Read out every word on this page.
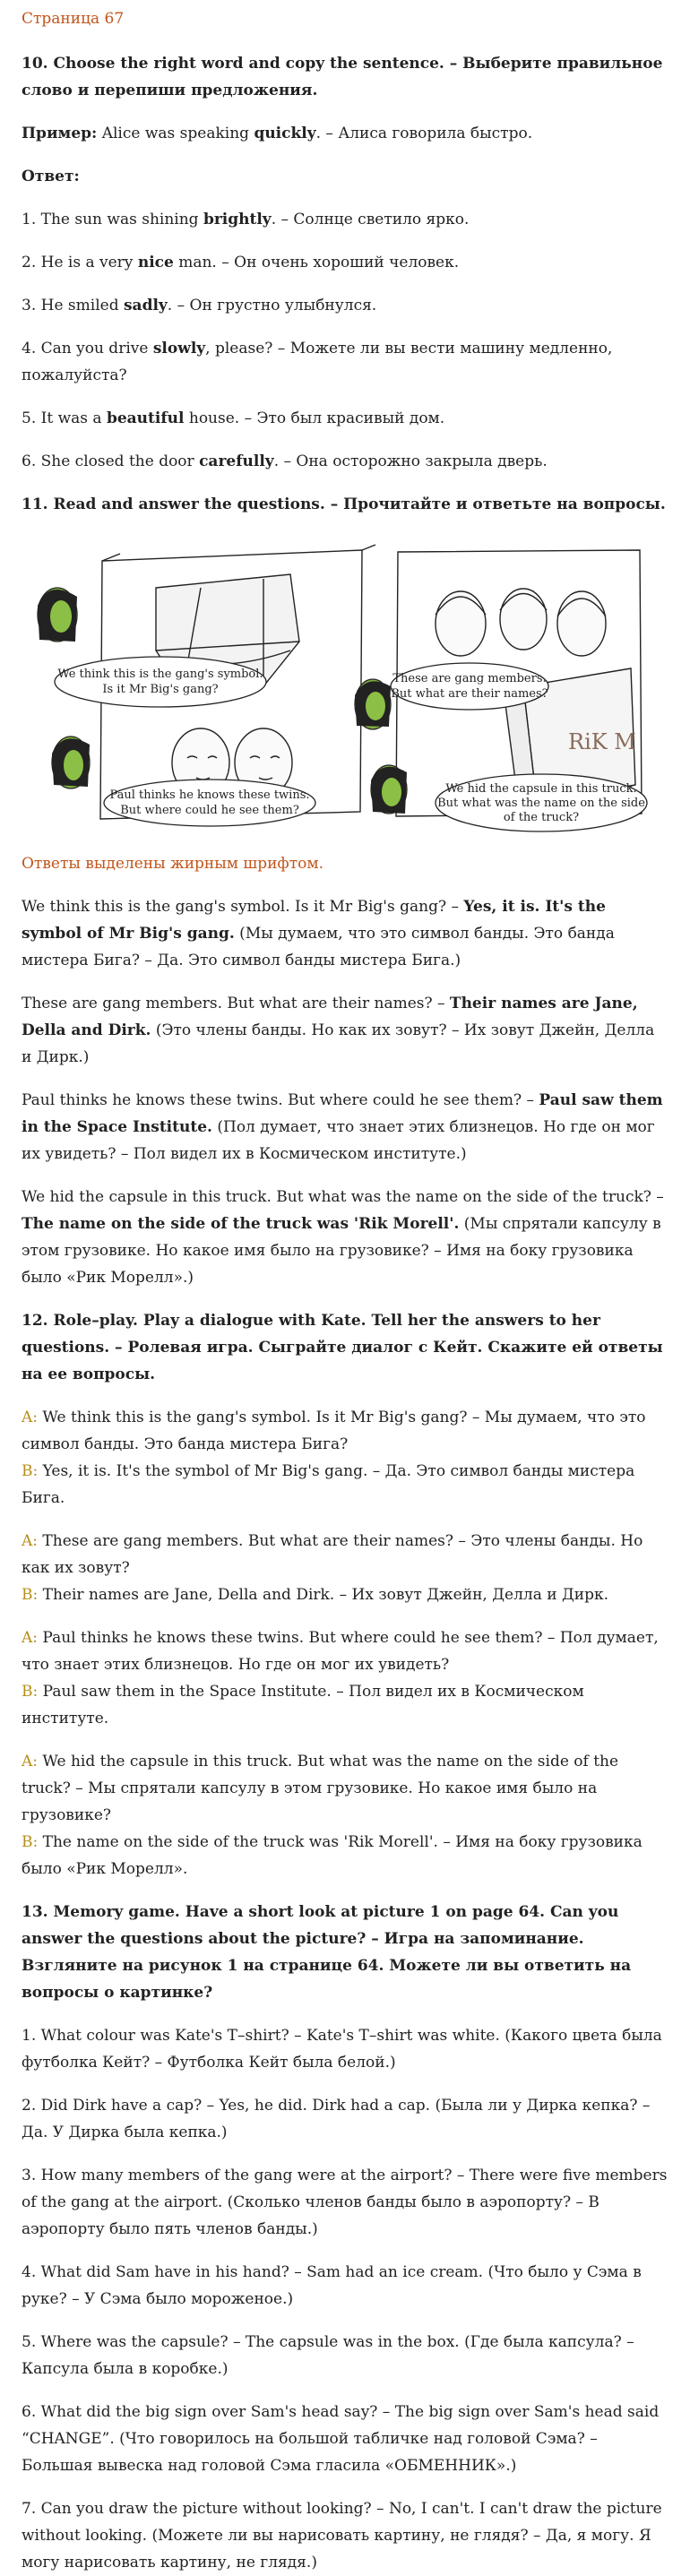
Страница 67

10. Choose the right word and copy the sentence. – Выберите правильное слово и перепиши предложения.

Пример: Alice was speaking quickly. – Алиса говорила быстро.

Ответ:

1. The sun was shining brightly. – Солнце светило ярко.

2. He is a very nice man. – Он очень хороший человек.

3. He smiled sadly. – Он грустно улыбнулся.

4. Can you drive slowly, please? – Можете ли вы вести машину медленно, пожалуйста?

5. It was a beautiful house. – Это был красивый дом.

6. She closed the door carefully. – Она осторожно закрыла дверь.

11. Read and answer the questions. – Прочитайте и ответьте на вопросы.

RiK M
We think this is the gang's symbol.
Is it Mr Big's gang?
These are gang members.
But what are their names?
Paul thinks he knows these twins.
But where could he see them?
We hid the capsule in this truck.
But what was the name on the side
of the truck?

Ответы выделены жирным шрифтом.

We think this is the gang's symbol. Is it Mr Big's gang? – Yes, it is. It's the symbol of Mr Big's gang. (Мы думаем, что это символ банды. Это банда мистера Бига? – Да. Это символ банды мистера Бига.)

These are gang members. But what are their names? – Their names are Jane, Della and Dirk. (Это члены банды. Но как их зовут? – Их зовут Джейн, Делла и Дирк.)

Paul thinks he knows these twins. But where could he see them? – Paul saw them in the Space Institute. (Пол думает, что знает этих близнецов. Но где он мог их увидеть? – Пол видел их в Космическом институте.)

We hid the capsule in this truck. But what was the name on the side of the truck? – The name on the side of the truck was 'Rik Morell'. (Мы спрятали капсулу в этом грузовике. Но какое имя было на грузовике? – Имя на боку грузовика было «Рик Морелл».)

12. Role–play. Play a dialogue with Kate. Tell her the answers to her questions. – Ролевая игра. Сыграйте диалог с Кейт. Скажите ей ответы на ее вопросы.

A: We think this is the gang's symbol. Is it Mr Big's gang? – Мы думаем, что это символ банды. Это банда мистера Бига?
B: Yes, it is. It's the symbol of Mr Big's gang. – Да. Это символ банды мистера Бига.
A: These are gang members. But what are their names? – Это члены банды. Но как их зовут?
B: Their names are Jane, Della and Dirk. – Их зовут Джейн, Делла и Дирк.
A: Paul thinks he knows these twins. But where could he see them? – Пол думает, что знает этих близнецов. Но где он мог их увидеть?
B: Paul saw them in the Space Institute. – Пол видел их в Космическом институте.
A: We hid the capsule in this truck. But what was the name on the side of the truck? – Мы спрятали капсулу в этом грузовике. Но какое имя было на грузовике?
B: The name on the side of the truck was 'Rik Morell'. – Имя на боку грузовика было «Рик Морелл».

13. Memory game. Have a short look at picture 1 on page 64. Can you answer the questions about the picture? – Игра на запоминание. Взгляните на рисунок 1 на странице 64. Можете ли вы ответить на вопросы о картинке?

1. What colour was Kate's T–shirt? – Kate's T–shirt was white. (Какого цвета была футболка Кейт? – Футболка Кейт была белой.)

2. Did Dirk have a cap? – Yes, he did. Dirk had a cap. (Была ли у Дирка кепка? – Да. У Дирка была кепка.)

3. How many members of the gang were at the airport? – There were five members of the gang at the airport. (Сколько членов банды было в аэропорту? – В аэропорту было пять членов банды.)

4. What did Sam have in his hand? – Sam had an ice cream. (Что было у Сэма в руке? – У Сэма было мороженое.)

5. Where was the capsule? – The capsule was in the box. (Где была капсула? – Капсула была в коробке.)

6. What did the big sign over Sam's head say? – The big sign over Sam's head said “CHANGE”. (Что говорилось на большой табличке над головой Сэма? – Большая вывеска над головой Сэма гласила «ОБМЕННИК».)

7. Can you draw the picture without looking? – No, I can't. I can't draw the picture without looking. (Можете ли вы нарисовать картину, не глядя? – Да, я могу. Я могу нарисовать картину, не глядя.)
